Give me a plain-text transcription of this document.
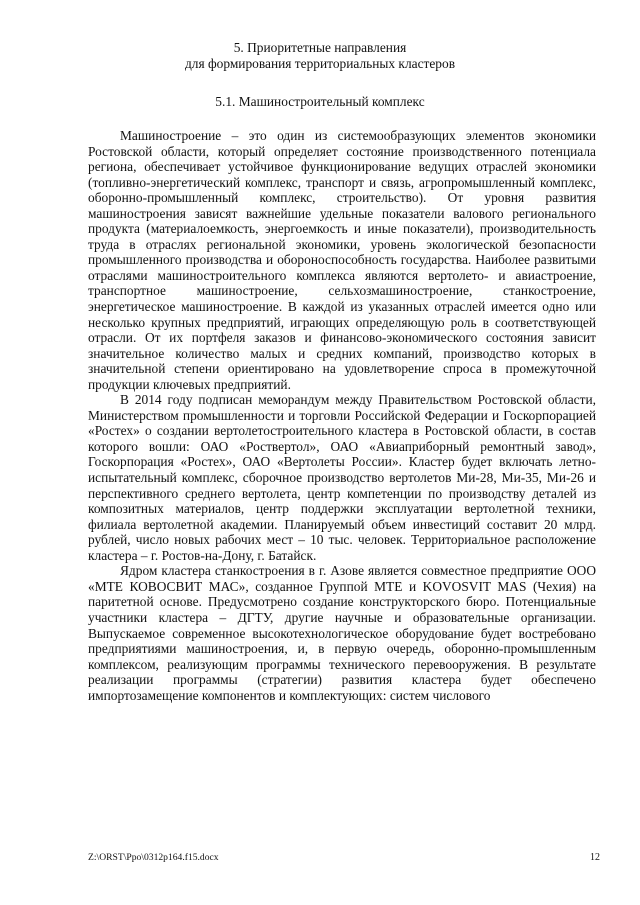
5. Приоритетные направления
для формирования территориальных кластеров
5.1. Машиностроительный комплекс

Машиностроение – это один из системообразующих элементов экономики Ростовской области, который определяет состояние производственного потенциала региона, обеспечивает устойчивое функционирование ведущих отраслей экономики (топливно-энергетический комплекс, транспорт и связь, агропромышленный комплекс, оборонно-промышленный комплекс, строительство). От уровня развития машиностроения зависят важнейшие удельные показатели валового регионального продукта (материалоемкость, энергоемкость и иные показатели), производительность труда в отраслях региональной экономики, уровень экологической безопасности промышленного производства и обороноспособность государства. Наиболее развитыми отраслями машиностроительного комплекса являются вертолето- и авиастроение, транспортное машиностроение, сельхозмашиностроение, станкостроение, энергетическое машиностроение. В каждой из указанных отраслей имеется одно или несколько крупных предприятий, играющих определяющую роль в соответствующей отрасли. От их портфеля заказов и финансово-экономического состояния зависит значительное количество малых и средних компаний, производство которых в значительной степени ориентировано на удовлетворение спроса в промежуточной продукции ключевых предприятий.

В 2014 году подписан меморандум между Правительством Ростовской области, Министерством промышленности и торговли Российской Федерации и Госкорпорацией «Ростех» о создании вертолетостроительного кластера в Ростовской области, в состав которого вошли: ОАО «Роствертол», ОАО «Авиаприборный ремонтный завод», Госкорпорация «Ростех», ОАО «Вертолеты России». Кластер будет включать летно-испытательный комплекс, сборочное производство вертолетов Ми-28, Ми-35, Ми-26 и перспективного среднего вертолета, центр компетенции по производству деталей из композитных материалов, центр поддержки эксплуатации вертолетной техники, филиала вертолетной академии. Планируемый объем инвестиций составит 20 млрд. рублей, число новых рабочих мест – 10 тыс. человек. Территориальное расположение кластера – г. Ростов-на-Дону, г. Батайск.

Ядром кластера станкостроения в г. Азове является совместное предприятие ООО «МТЕ КОВОСВИТ МАС», созданное Группой МТЕ и KOVOSVIT MAS (Чехия) на паритетной основе. Предусмотрено создание конструкторского бюро. Потенциальные участники кластера – ДГТУ, другие научные и образовательные организации. Выпускаемое современное высокотехнологическое оборудование будет востребовано предприятиями машиностроения, и, в первую очередь, оборонно-промышленным комплексом, реализующим программы технического перевооружения. В результате реализации программы (стратегии) развития кластера будет обеспечено импортозамещение компонентов и комплектующих: систем числового

Z:\ORST\Ppo\0312p164.f15.docx	12
